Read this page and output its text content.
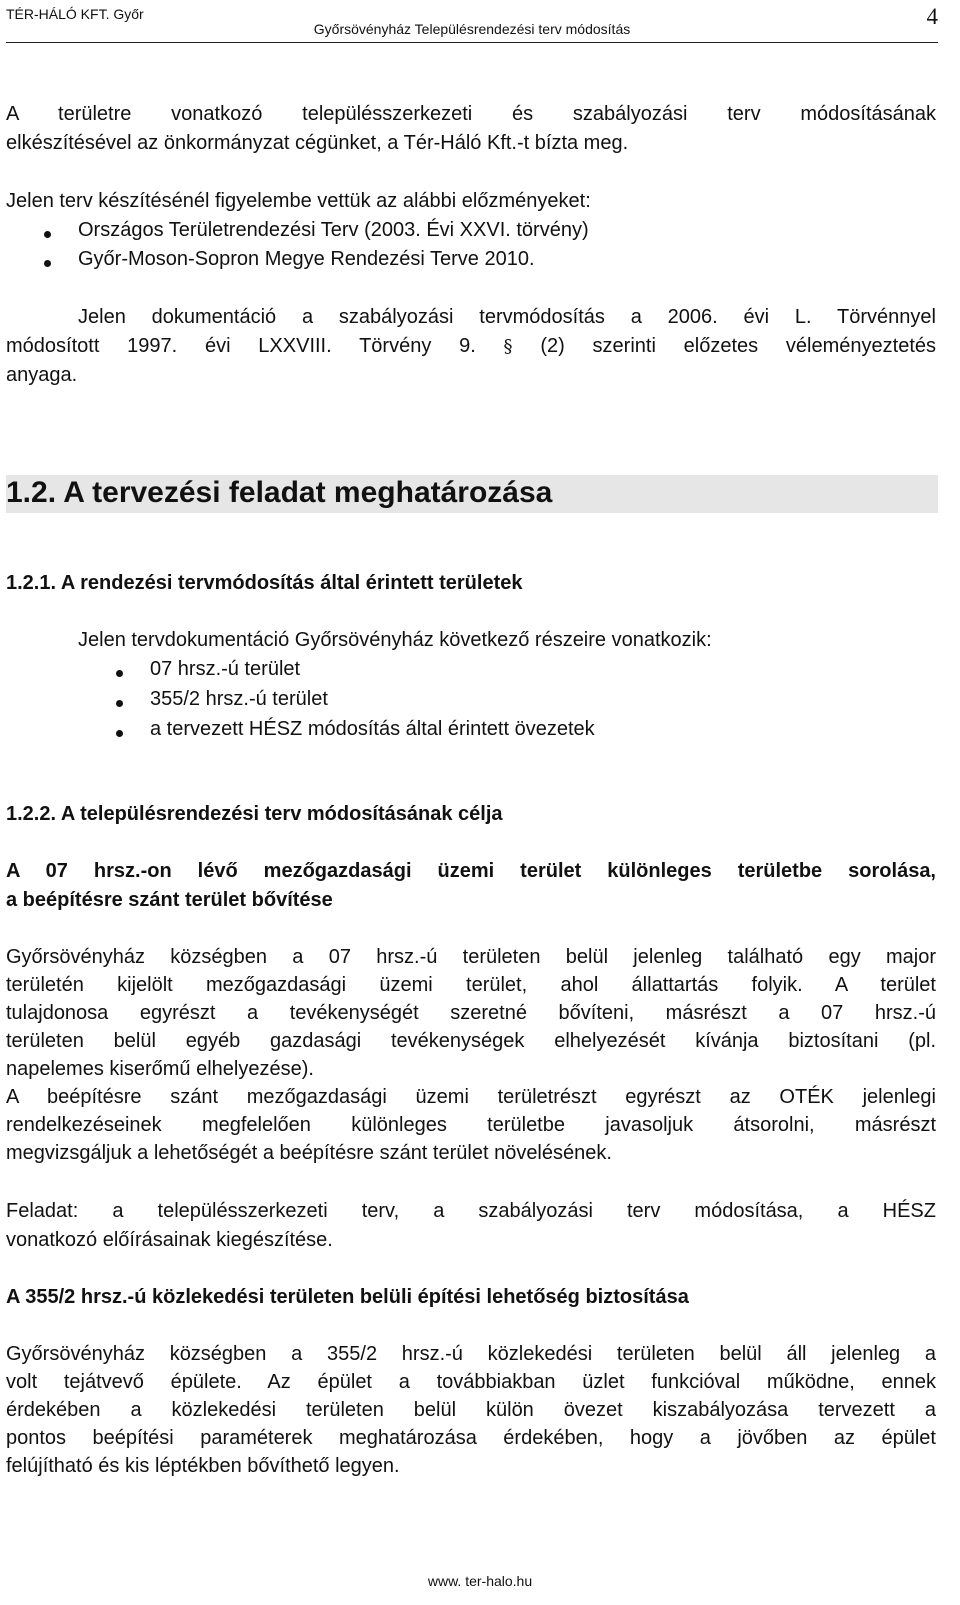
TÉR-HÁLÓ KFT. Győr
Győrsövényház Településrendezési terv módosítás	4

A területre vonatkozó településszerkezeti és szabályozási terv módosításának

elkészítésével az önkormányzat cégünket, a Tér-Háló Kft.-t bízta meg.

Jelen terv készítésénél figyelembe vettük az alábbi előzményeket:

Jelen dokumentáció a szabályozási tervmódosítás a 2006. évi L. Törvénnyel

módosított 1997. évi LXXVIII. Törvény 9. § (2) szerinti előzetes véleményeztetés

anyaga.

Országos Területrendezési Terv (2003. Évi XXVI. törvény)
Győr-Moson-Sopron Megye Rendezési Terve 2010.
1.2. A tervezési feladat meghatározása

1.2.1. A rendezési tervmódosítás által érintett területek

Jelen tervdokumentáció Győrsövényház következő részeire vonatkozik:

07 hrsz.-ú terület
355/2 hrsz.-ú terület
a tervezett HÉSZ módosítás által érintett övezetek

1.2.2. A településrendezési terv módosításának célja

A 07 hrsz.-on lévő mezőgazdasági üzemi terület különleges területbe sorolása,

a beépítésre szánt terület bővítése

Győrsövényház községben a 07 hrsz.-ú területen belül jelenleg található egy major

területén kijelölt mezőgazdasági üzemi terület, ahol állattartás folyik. A terület

tulajdonosa egyrészt a tevékenységét szeretné bővíteni, másrészt a 07 hrsz.-ú

területen belül egyéb gazdasági tevékenységek elhelyezését kívánja biztosítani (pl.

napelemes kiserőmű elhelyezése).

A beépítésre szánt mezőgazdasági üzemi területrészt egyrészt az OTÉK jelenlegi

rendelkezéseinek megfelelően különleges területbe javasoljuk átsorolni, másrészt

megvizsgáljuk a lehetőségét a beépítésre szánt terület növelésének.

Feladat: a településszerkezeti terv, a szabályozási terv módosítása, a HÉSZ

vonatkozó előírásainak kiegészítése.

A 355/2 hrsz.-ú közlekedési területen belüli építési lehetőség biztosítása

Győrsövényház községben a 355/2 hrsz.-ú közlekedési területen belül áll jelenleg a

volt tejátvevő épülete. Az épület a továbbiakban üzlet funkcióval működne, ennek

érdekében a közlekedési területen belül külön övezet kiszabályozása tervezett a

pontos beépítési paraméterek meghatározása érdekében, hogy a jövőben az épület

felújítható és kis léptékben bővíthető legyen.

www. ter-halo.hu
